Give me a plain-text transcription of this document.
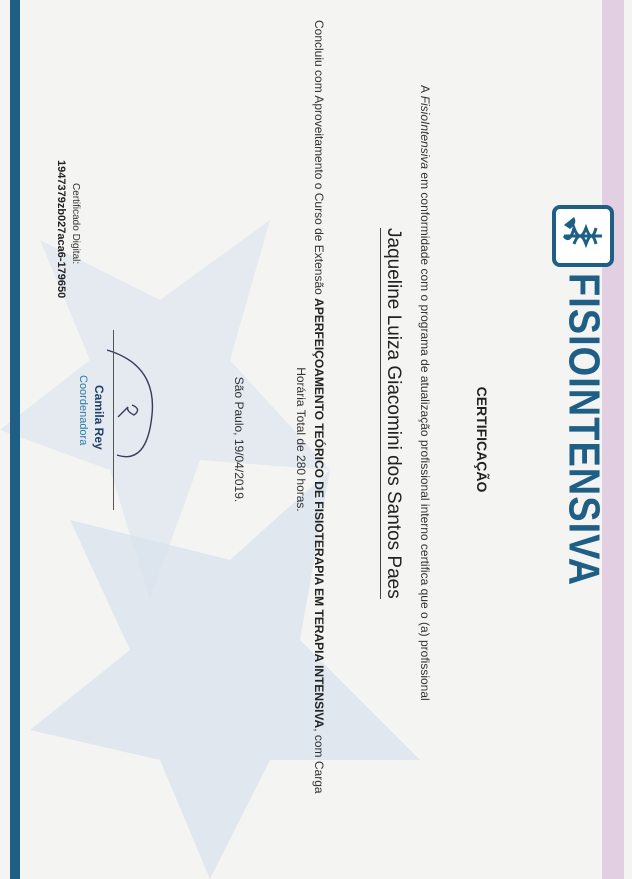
FISIOINTENSIVA
CERTIFICAÇÃO
A FisioIntensiva em conformidade com o programa de atualização profissional interno certifica que o (a) profissional
Jaqueline Luiza Giacomini dos Santos Paes
Concluiu com Aproveitamento o Curso de Extensão APERFEIÇOAMENTO TEÓRICO DE FISIOTERAPIA EM TERAPIA INTENSIVA, com Carga
Horária Total de 280 horas.
São Paulo, 19/04/2019.
Camila Rey
Coordenadora
Certificado Digital:
1947379zb027aca6-179650
